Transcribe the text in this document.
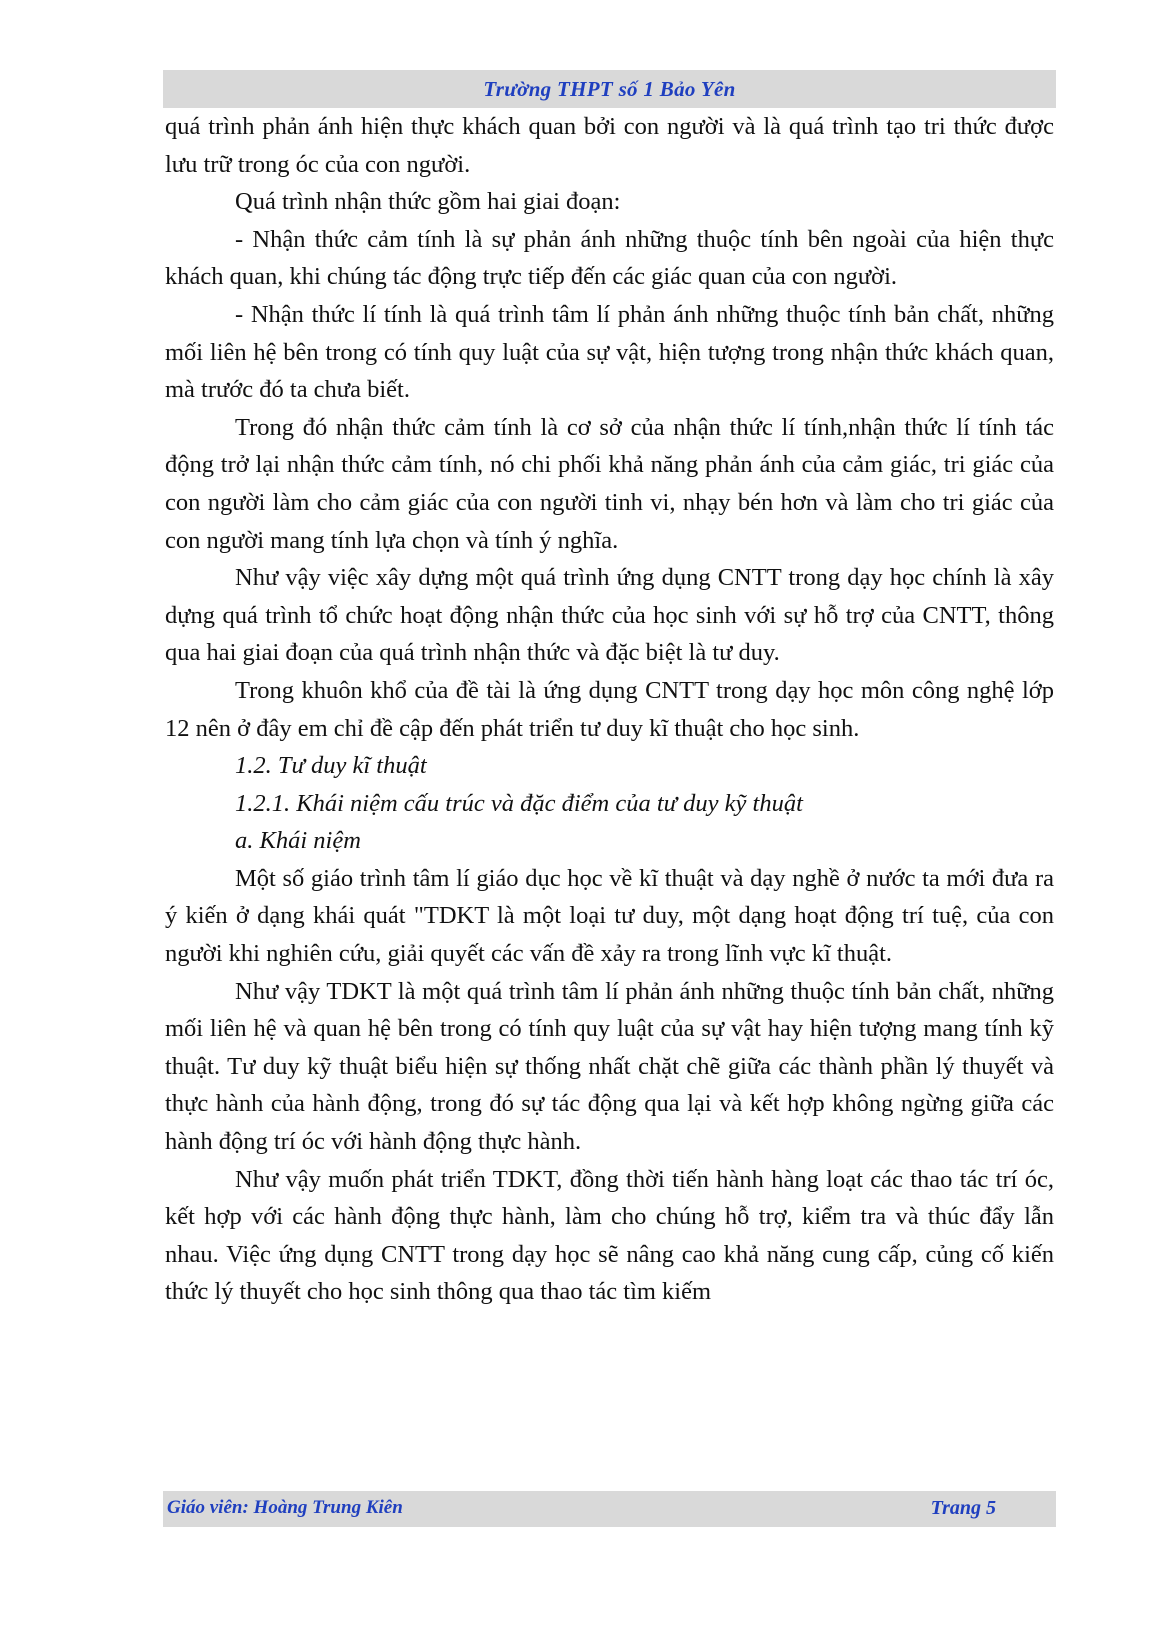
Trường THPT số 1 Bảo Yên

quá trình phản ánh hiện thực khách quan bởi con người và là quá trình tạo tri thức được lưu trữ trong óc của con người.

Quá trình nhận thức gồm hai giai đoạn:

- Nhận thức cảm tính là sự phản ánh những thuộc tính bên ngoài của hiện thực khách quan, khi chúng tác động trực tiếp đến các giác quan của con người.

- Nhận thức lí tính là quá trình tâm lí phản ánh những thuộc tính bản chất, những mối liên hệ bên trong có tính quy luật của sự vật, hiện tượng trong nhận thức khách quan, mà trước đó ta chưa biết.

Trong đó nhận thức cảm tính là cơ sở của nhận thức lí tính,nhận thức lí tính tác động trở lại nhận thức cảm tính, nó chi phối khả năng phản ánh của cảm giác, tri giác của con người làm cho cảm giác của con người tinh vi, nhạy bén hơn và làm cho tri giác của con người mang tính lựa chọn và tính ý nghĩa.

Như vậy việc xây dựng một quá trình ứng dụng CNTT trong dạy học chính là xây dựng quá trình tổ chức hoạt động nhận thức của học sinh với sự hỗ trợ của CNTT, thông qua hai giai đoạn của quá trình nhận thức và đặc biệt là tư duy.

Trong khuôn khổ của đề tài là ứng dụng CNTT trong dạy học môn công nghệ lớp 12 nên ở đây em chỉ đề cập đến phát triển tư duy kĩ thuật cho học sinh.

1.2. Tư duy kĩ thuật

1.2.1. Khái niệm cấu trúc và đặc điểm của tư duy kỹ thuật

a. Khái niệm

Một số giáo trình tâm lí giáo dục học về kĩ thuật và dạy nghề ở nước ta mới đưa ra ý kiến ở dạng khái quát "TDKT là một loại tư duy, một dạng hoạt động trí tuệ, của con người khi nghiên cứu, giải quyết các vấn đề xảy ra trong lĩnh vực kĩ thuật.

Như vậy TDKT là một quá trình tâm lí phản ánh những thuộc tính bản chất, những mối liên hệ và quan hệ bên trong có tính quy luật của sự vật hay hiện tượng mang tính kỹ thuật. Tư duy kỹ thuật biểu hiện sự thống nhất chặt chẽ giữa các thành phần lý thuyết và thực hành của hành động, trong đó sự tác động qua lại và kết hợp không ngừng giữa các hành động trí óc với hành động thực hành.

Như vậy muốn phát triển TDKT, đồng thời tiến hành hàng loạt các thao tác trí óc, kết hợp với các hành động thực hành, làm cho chúng hỗ trợ, kiểm tra và thúc đẩy lẫn nhau. Việc ứng dụng CNTT trong dạy học sẽ nâng cao khả năng cung cấp, củng cố kiến thức lý thuyết cho học sinh thông qua thao tác tìm kiếm

Giáo viên: Hoàng Trung Kiên	Trang 5
